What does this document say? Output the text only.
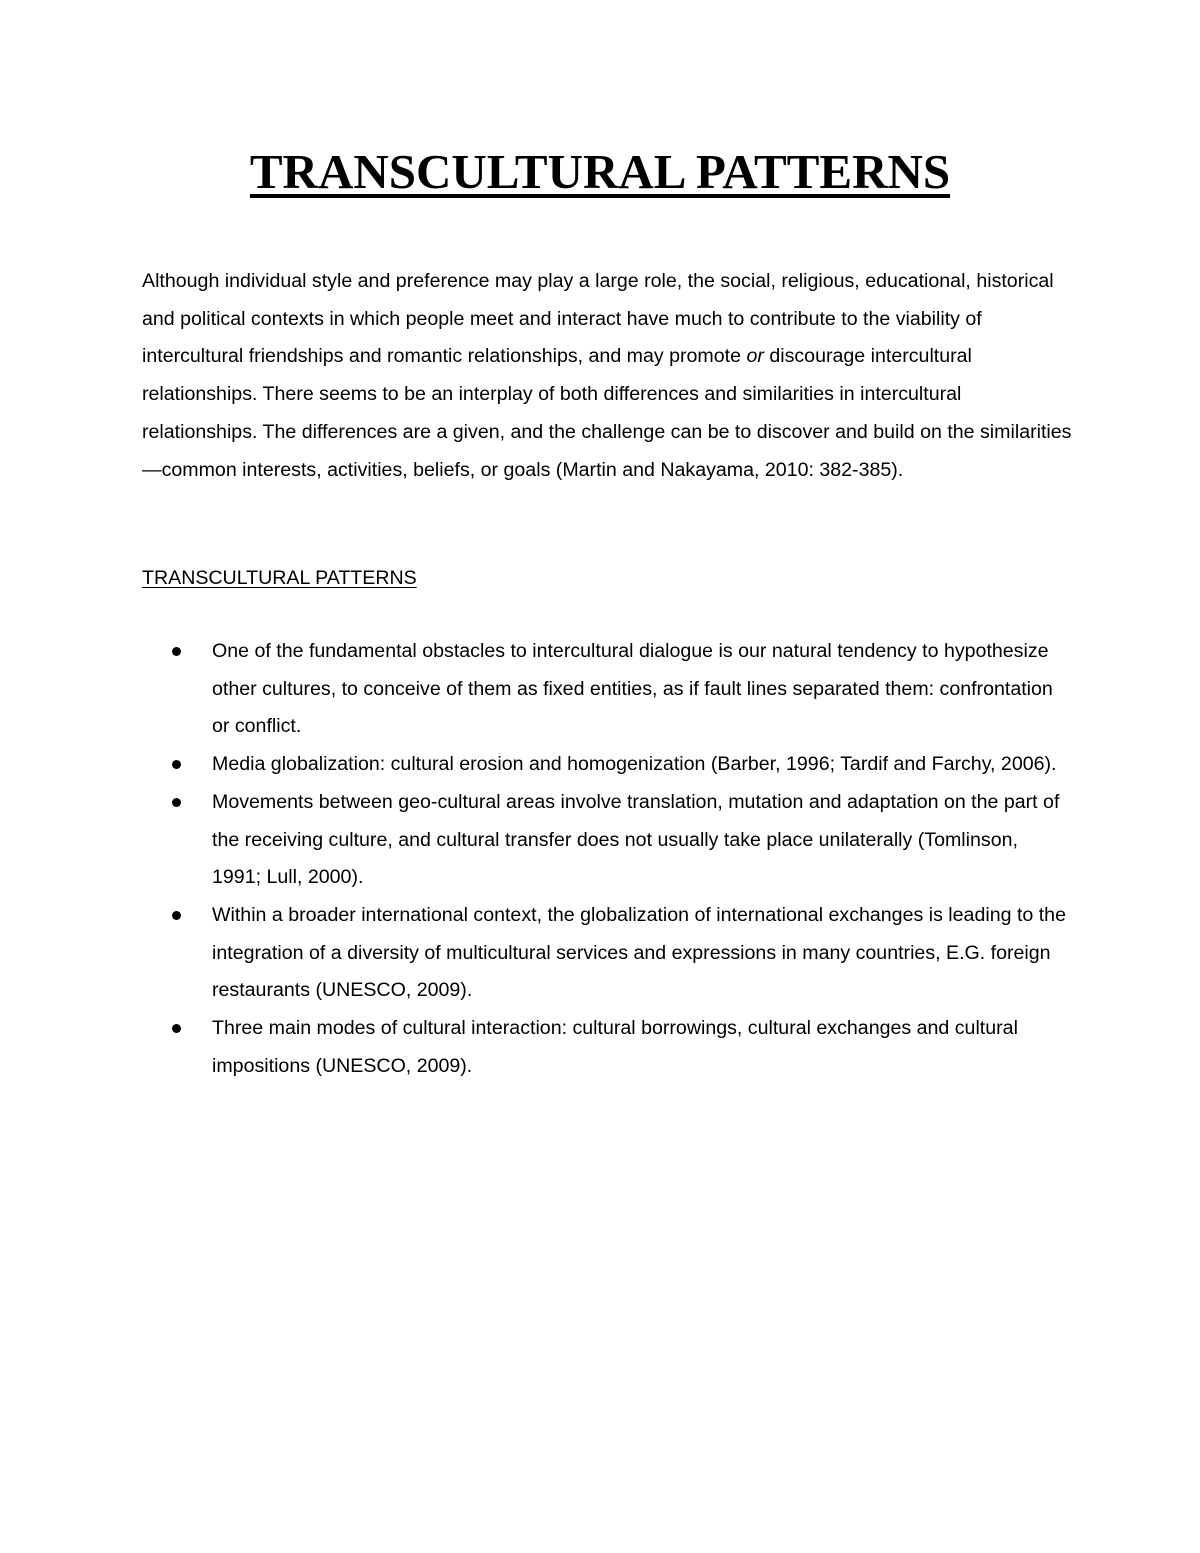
TRANSCULTURAL PATTERNS

Although individual style and preference may play a large role, the social, religious, educational, historical and political contexts in which people meet and interact have much to contribute to the viability of intercultural friendships and romantic relationships, and may promote or discourage intercultural relationships. There seems to be an interplay of both differences and similarities in intercultural relationships. The differences are a given, and the challenge can be to discover and build on the similarities—common interests, activities, beliefs, or goals (Martin and Nakayama, 2010: 382-385).

TRANSCULTURAL PATTERNS
One of the fundamental obstacles to intercultural dialogue is our natural tendency to hypothesize other cultures, to conceive of them as fixed entities, as if fault lines separated them: confrontation or conflict.
Media globalization: cultural erosion and homogenization (Barber, 1996; Tardif and Farchy, 2006).
Movements between geo-cultural areas involve translation, mutation and adaptation on the part of the receiving culture, and cultural transfer does not usually take place unilaterally (Tomlinson, 1991; Lull, 2000).
Within a broader international context, the globalization of international exchanges is leading to the integration of a diversity of multicultural services and expressions in many countries, E.G. foreign restaurants (UNESCO, 2009).
Three main modes of cultural interaction: cultural borrowings, cultural exchanges and cultural impositions (UNESCO, 2009).
